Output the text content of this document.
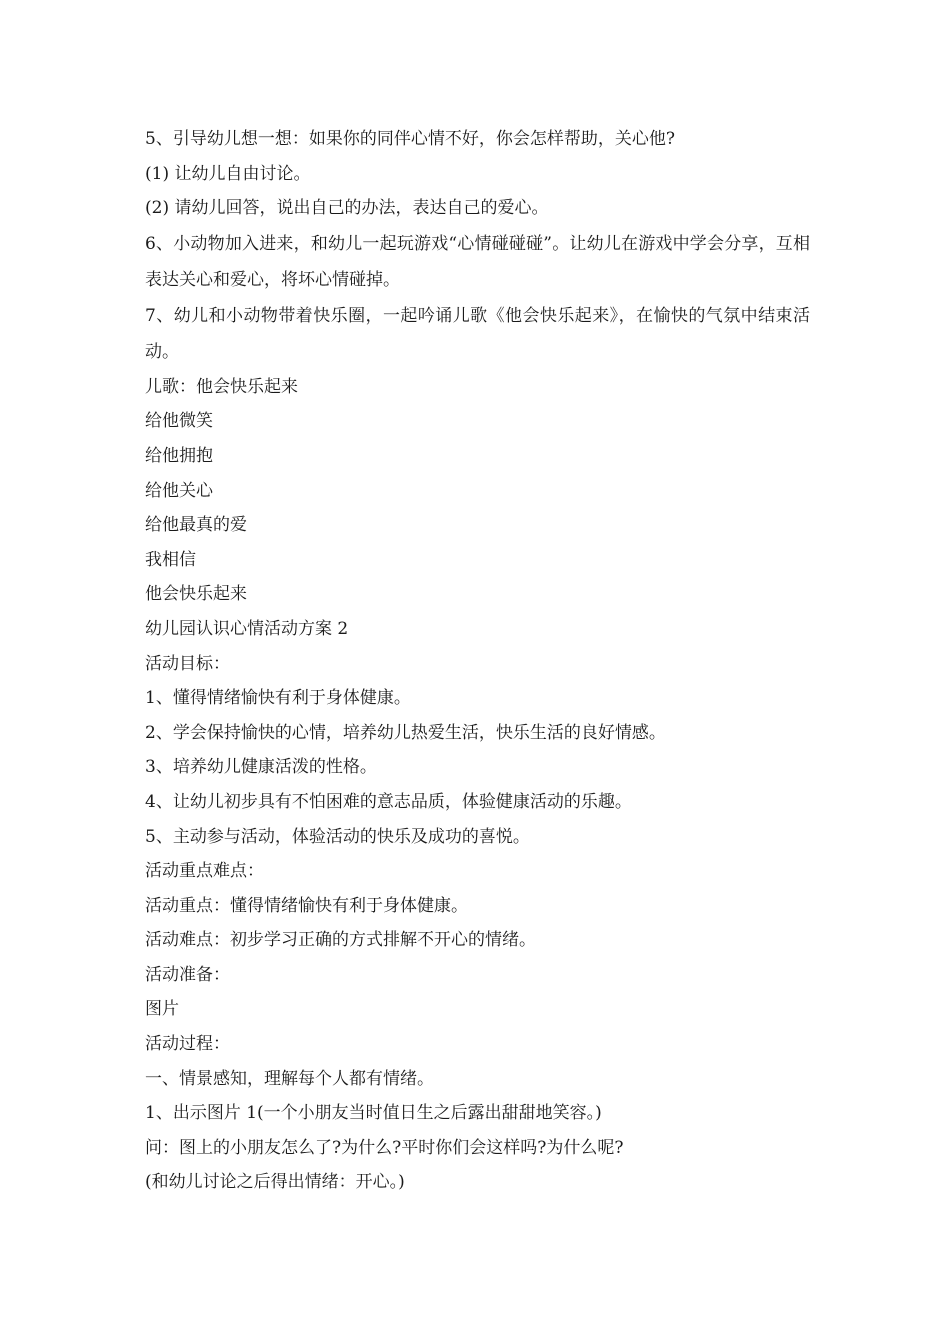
5、引导幼儿想一想：如果你的同伴心情不好，你会怎样帮助，关心他?

(1) 让幼儿自由讨论。

(2) 请幼儿回答，说出自己的办法，表达自己的爱心。

6、小动物加入进来，和幼儿一起玩游戏“心情碰碰碰”。让幼儿在游戏中学会分享，互相表达关心和爱心，将坏心情碰掉。

7、幼儿和小动物带着快乐圈，一起吟诵儿歌《他会快乐起来》，在愉快的气氛中结束活动。

儿歌：他会快乐起来

给他微笑

给他拥抱

给他关心

给他最真的爱

我相信

他会快乐起来

幼儿园认识心情活动方案 2

活动目标：

1、懂得情绪愉快有利于身体健康。

2、学会保持愉快的心情，培养幼儿热爱生活，快乐生活的良好情感。

3、培养幼儿健康活泼的性格。

4、让幼儿初步具有不怕困难的意志品质，体验健康活动的乐趣。

5、主动参与活动，体验活动的快乐及成功的喜悦。

活动重点难点：

活动重点：懂得情绪愉快有利于身体健康。

活动难点：初步学习正确的方式排解不开心的情绪。

活动准备：

图片

活动过程：

一、情景感知，理解每个人都有情绪。

1、出示图片 1(一个小朋友当时值日生之后露出甜甜地笑容。)

问：图上的小朋友怎么了?为什么?平时你们会这样吗?为什么呢?

(和幼儿讨论之后得出情绪：开心。)
